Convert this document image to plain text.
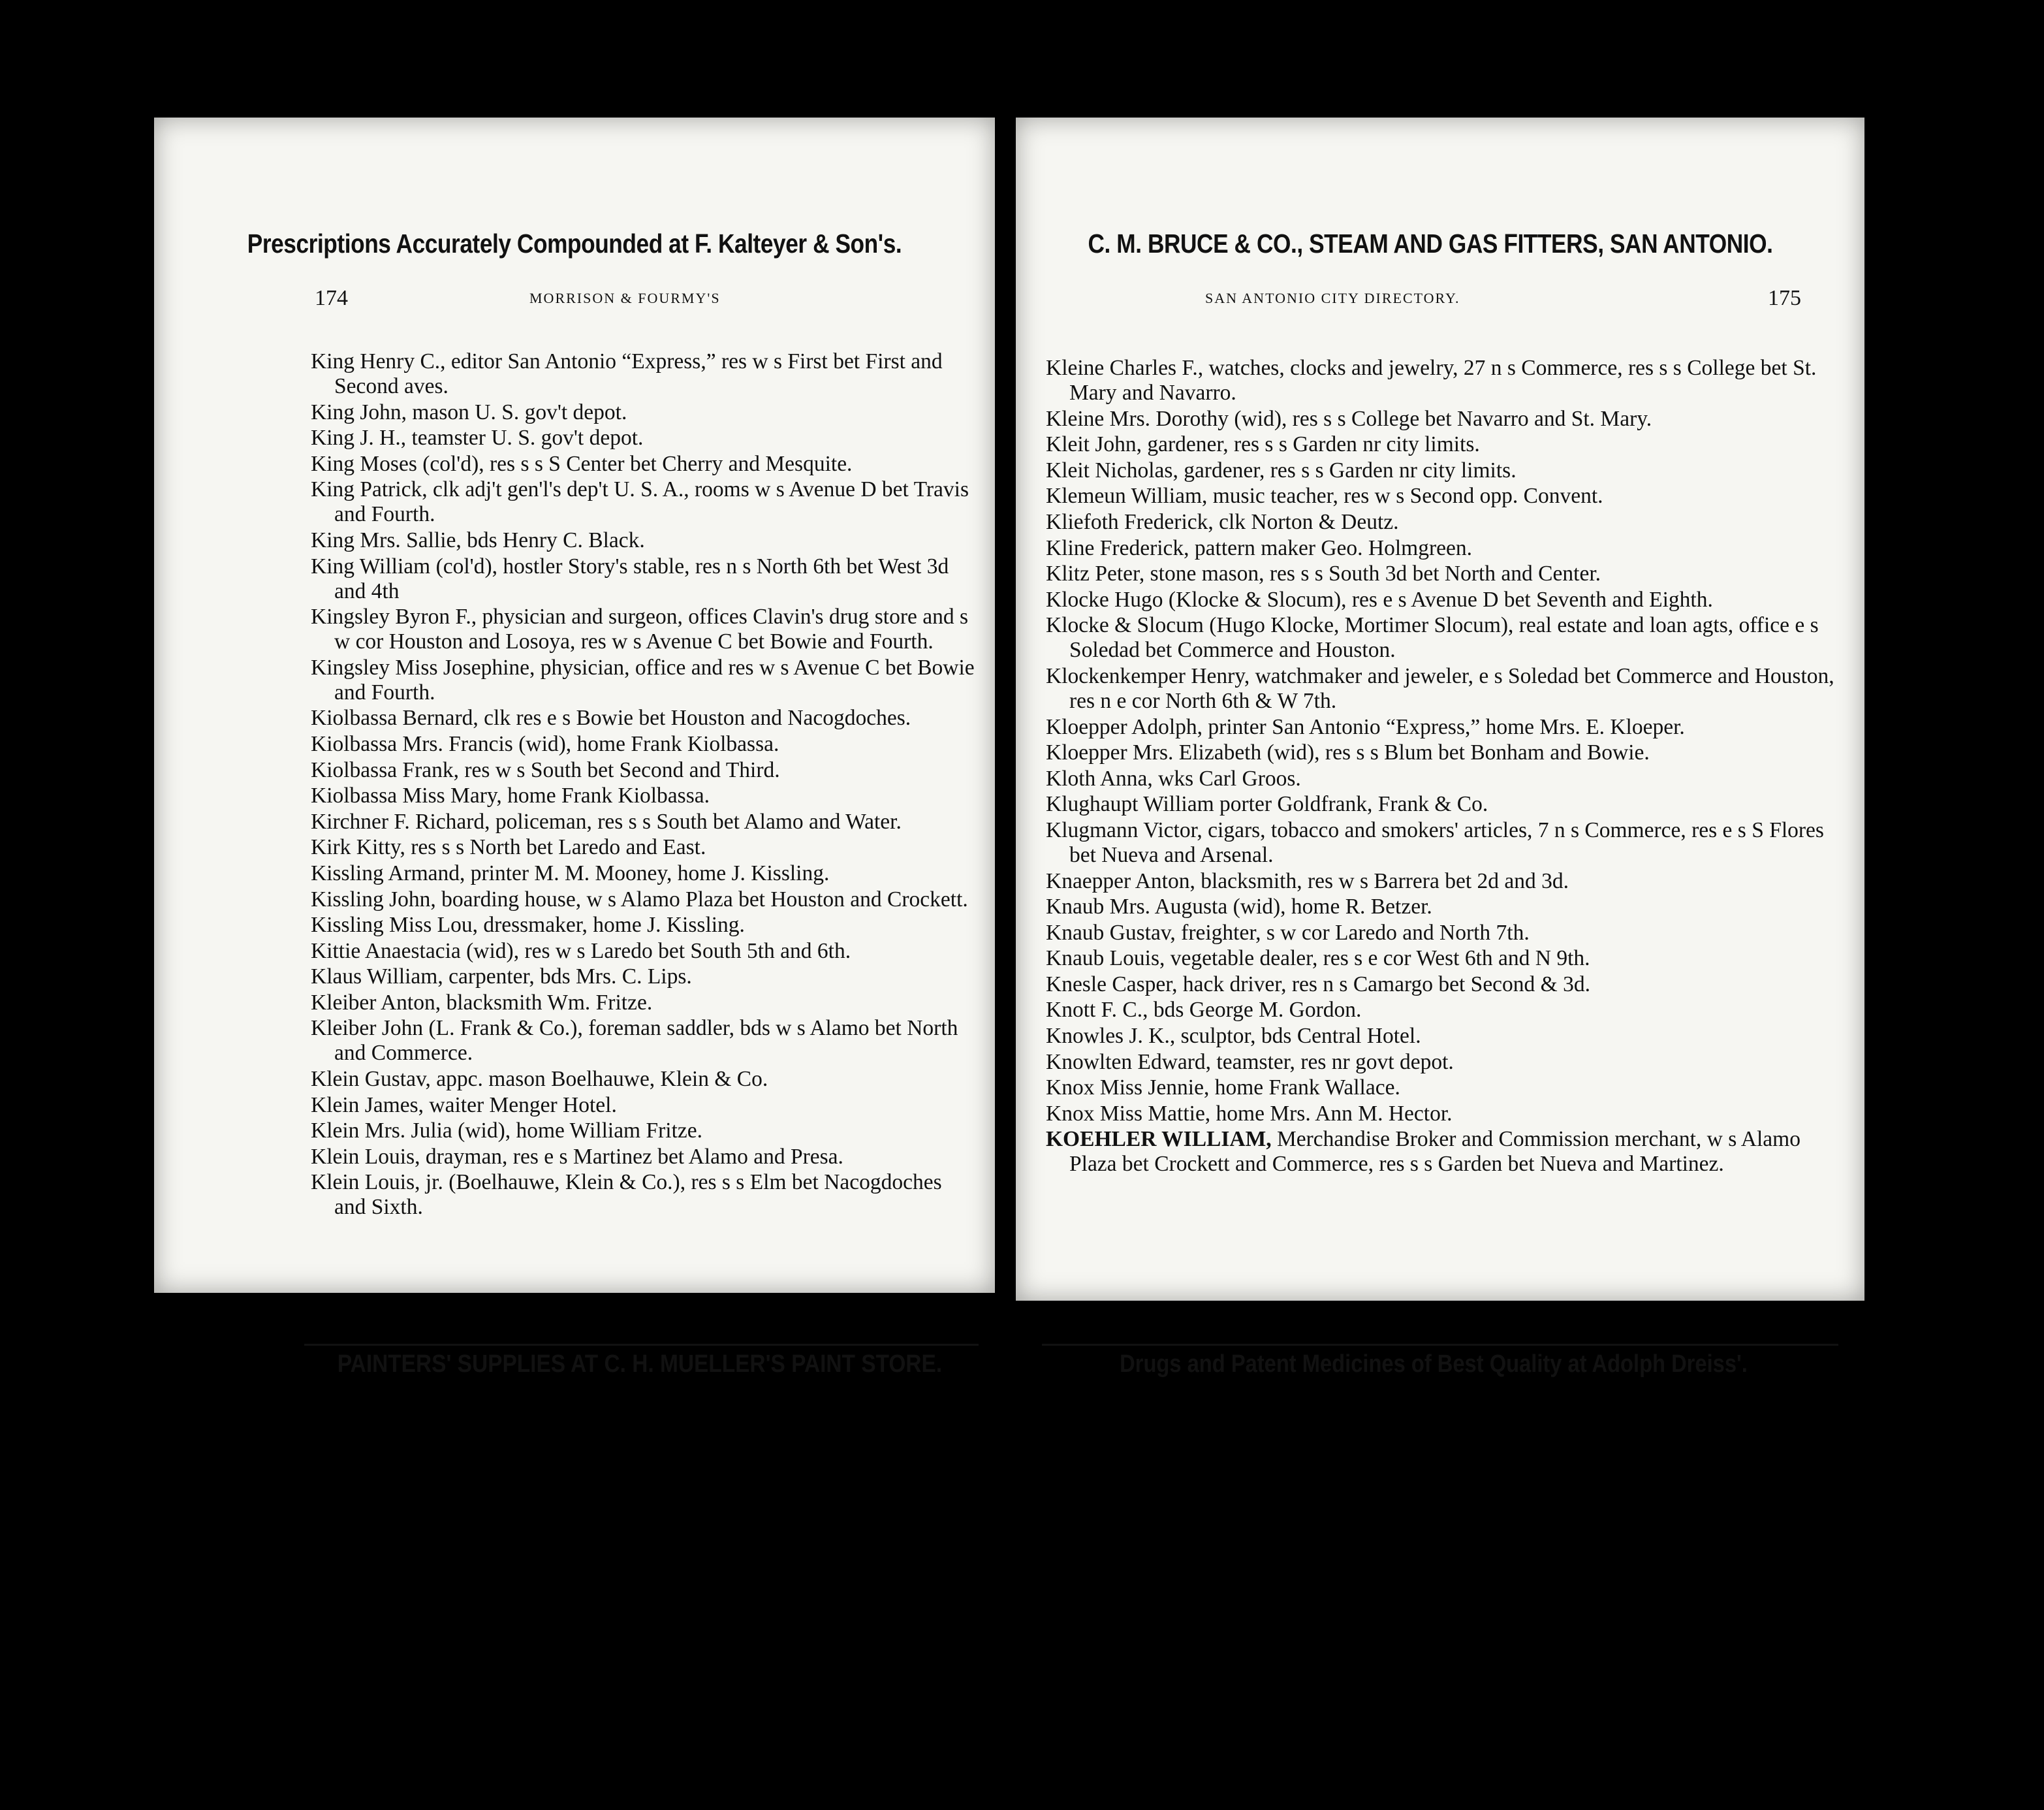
Prescriptions Accurately Compounded at F. Kalteyer & Son's.
174	MORRISON & FOURMY'S
King Henry C., editor San Antonio “Express,” res w s First bet First and Second aves.
King John, mason U. S. gov't depot.
King J. H., teamster U. S. gov't depot.
King Moses (col'd), res s s S Center bet Cherry and Mesquite.
King Patrick, clk adj't gen'l's dep't U. S. A., rooms w s Avenue D bet Travis and Fourth.
King Mrs. Sallie, bds Henry C. Black.
King William (col'd), hostler Story's stable, res n s North 6th bet West 3d and 4th
Kingsley Byron F., physician and surgeon, offices Clavin's drug store and s w cor Houston and Losoya, res w s Avenue C bet Bowie and Fourth.
Kingsley Miss Josephine, physician, office and res w s Avenue C bet Bowie and Fourth.
Kiolbassa Bernard, clk res e s Bowie bet Houston and Nacogdoches.
Kiolbassa Mrs. Francis (wid), home Frank Kiolbassa.
Kiolbassa Frank, res w s South bet Second and Third.
Kiolbassa Miss Mary, home Frank Kiolbassa.
Kirchner F. Richard, policeman, res s s South bet Alamo and Water.
Kirk Kitty, res s s North bet Laredo and East.
Kissling Armand, printer M. M. Mooney, home J. Kissling.
Kissling John, boarding house, w s Alamo Plaza bet Houston and Crockett.
Kissling Miss Lou, dressmaker, home J. Kissling.
Kittie Anaestacia (wid), res w s Laredo bet South 5th and 6th.
Klaus William, carpenter, bds Mrs. C. Lips.
Kleiber Anton, blacksmith Wm. Fritze.
Kleiber John (L. Frank & Co.), foreman saddler, bds w s Alamo bet North and Commerce.
Klein Gustav, appc. mason Boelhauwe, Klein & Co.
Klein James, waiter Menger Hotel.
Klein Mrs. Julia (wid), home William Fritze.
Klein Louis, drayman, res e s Martinez bet Alamo and Presa.
Klein Louis, jr. (Boelhauwe, Klein & Co.), res s s Elm bet Nacogdoches and Sixth.
PAINTERS' SUPPLIES AT C. H. MUELLER'S PAINT STORE.
C. M. BRUCE & CO., STEAM AND GAS FITTERS, SAN ANTONIO.
SAN ANTONIO CITY DIRECTORY.	175
Kleine Charles F., watches, clocks and jewelry, 27 n s Commerce, res s s College bet St. Mary and Navarro.
Kleine Mrs. Dorothy (wid), res s s College bet Navarro and St. Mary.
Kleit John, gardener, res s s Garden nr city limits.
Kleit Nicholas, gardener, res s s Garden nr city limits.
Klemeun William, music teacher, res w s Second opp. Convent.
Kliefoth Frederick, clk Norton & Deutz.
Kline Frederick, pattern maker Geo. Holmgreen.
Klitz Peter, stone mason, res s s South 3d bet North and Center.
Klocke Hugo (Klocke & Slocum), res e s Avenue D bet Seventh and Eighth.
Klocke & Slocum (Hugo Klocke, Mortimer Slocum), real estate and loan agts, office e s Soledad bet Commerce and Houston.
Klockenkemper Henry, watchmaker and jeweler, e s Soledad bet Commerce and Houston, res n e cor North 6th & W 7th.
Kloepper Adolph, printer San Antonio “Express,” home Mrs. E. Kloeper.
Kloepper Mrs. Elizabeth (wid), res s s Blum bet Bonham and Bowie.
Kloth Anna, wks Carl Groos.
Klughaupt William porter Goldfrank, Frank & Co.
Klugmann Victor, cigars, tobacco and smokers' articles, 7 n s Commerce, res e s S Flores bet Nueva and Arsenal.
Knaepper Anton, blacksmith, res w s Barrera bet 2d and 3d.
Knaub Mrs. Augusta (wid), home R. Betzer.
Knaub Gustav, freighter, s w cor Laredo and North 7th.
Knaub Louis, vegetable dealer, res s e cor West 6th and N 9th.
Knesle Casper, hack driver, res n s Camargo bet Second & 3d.
Knott F. C., bds George M. Gordon.
Knowles J. K., sculptor, bds Central Hotel.
Knowlten Edward, teamster, res nr govt depot.
Knox Miss Jennie, home Frank Wallace.
Knox Miss Mattie, home Mrs. Ann M. Hector.
KOEHLER WILLIAM, Merchandise Broker and Commission merchant, w s Alamo Plaza bet Crockett and Commerce, res s s Garden bet Nueva and Martinez.
Drugs and Patent Medicines of Best Quality at Adolph Dreiss'.
